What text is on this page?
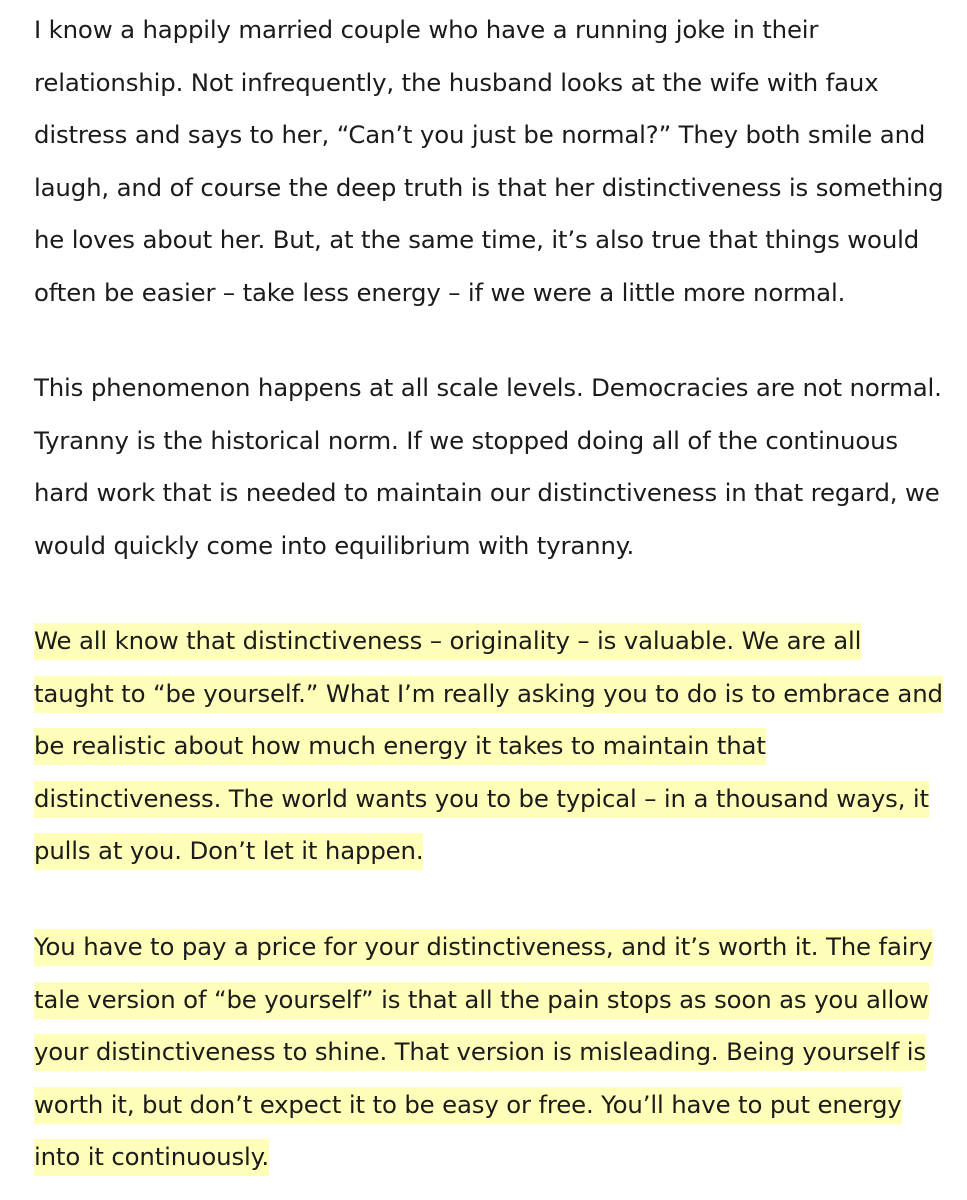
I know a happily married couple who have a running joke in their
relationship. Not infrequently, the husband looks at the wife with faux
distress and says to her, “Can’t you just be normal?” They both smile and
laugh, and of course the deep truth is that her distinctiveness is something
he loves about her. But, at the same time, it’s also true that things would
often be easier – take less energy – if we were a little more normal.
This phenomenon happens at all scale levels. Democracies are not normal.
Tyranny is the historical norm. If we stopped doing all of the continuous
hard work that is needed to maintain our distinctiveness in that regard, we
would quickly come into equilibrium with tyranny.
We all know that distinctiveness – originality – is valuable. We are all
taught to “be yourself.” What I’m really asking you to do is to embrace and
be realistic about how much energy it takes to maintain that
distinctiveness. The world wants you to be typical – in a thousand ways, it
pulls at you. Don’t let it happen.
You have to pay a price for your distinctiveness, and it’s worth it. The fairy
tale version of “be yourself” is that all the pain stops as soon as you allow
your distinctiveness to shine. That version is misleading. Being yourself is
worth it, but don’t expect it to be easy or free. You’ll have to put energy
into it continuously.
